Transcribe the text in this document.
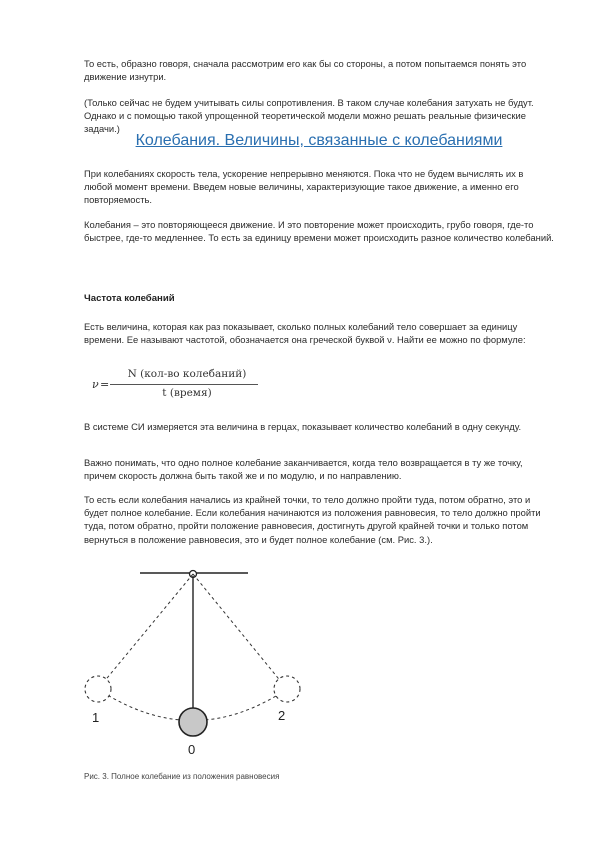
То есть, образно говоря, сначала рассмотрим его как бы со стороны, а потом попытаемся понять это движение изнутри.

(Только сейчас не будем учитывать силы сопротивления. В таком случае колебания затухать не будут. Однако и с помощью такой упрощенной теоретической модели можно решать реальные физические задачи.)

Колебания. Величины, связанные с колебаниями

При колебаниях скорость тела, ускорение непрерывно меняются. Пока что не будем вычислять их в любой момент времени. Введем новые величины, характеризующие такое движение, а именно его повторяемость.

Колебания – это повторяющееся движение. И это повторение может происходить, грубо говоря, где-то быстрее, где-то медленнее. То есть за единицу времени может происходить разное количество колебаний.

Частота колебаний

Есть величина, которая как раз показывает, сколько полных колебаний тело совершает за единицу времени. Ее называют частотой, обозначается она греческой буквой ν. Найти ее можно по формуле:

ν =
N (кол-во колебаний)
t (время)

В системе СИ измеряется эта величина в герцах, показывает количество колебаний в одну секунду.

Важно понимать, что одно полное колебание заканчивается, когда тело возвращается в ту же точку, причем скорость должна быть такой же и по модулю, и по направлению.

То есть если колебания начались из крайней точки, то тело должно пройти туда, потом обратно, это и будет полное колебание. Если колебания начинаются из положения равновесия, то тело должно пройти туда, потом обратно, пройти положение равновесия, достигнуть другой крайней точки и только потом вернуться в положение равновесия, это и будет полное колебание (см. Рис. 3.).

1
0
2

Рис. 3. Полное колебание из положения равновесия
